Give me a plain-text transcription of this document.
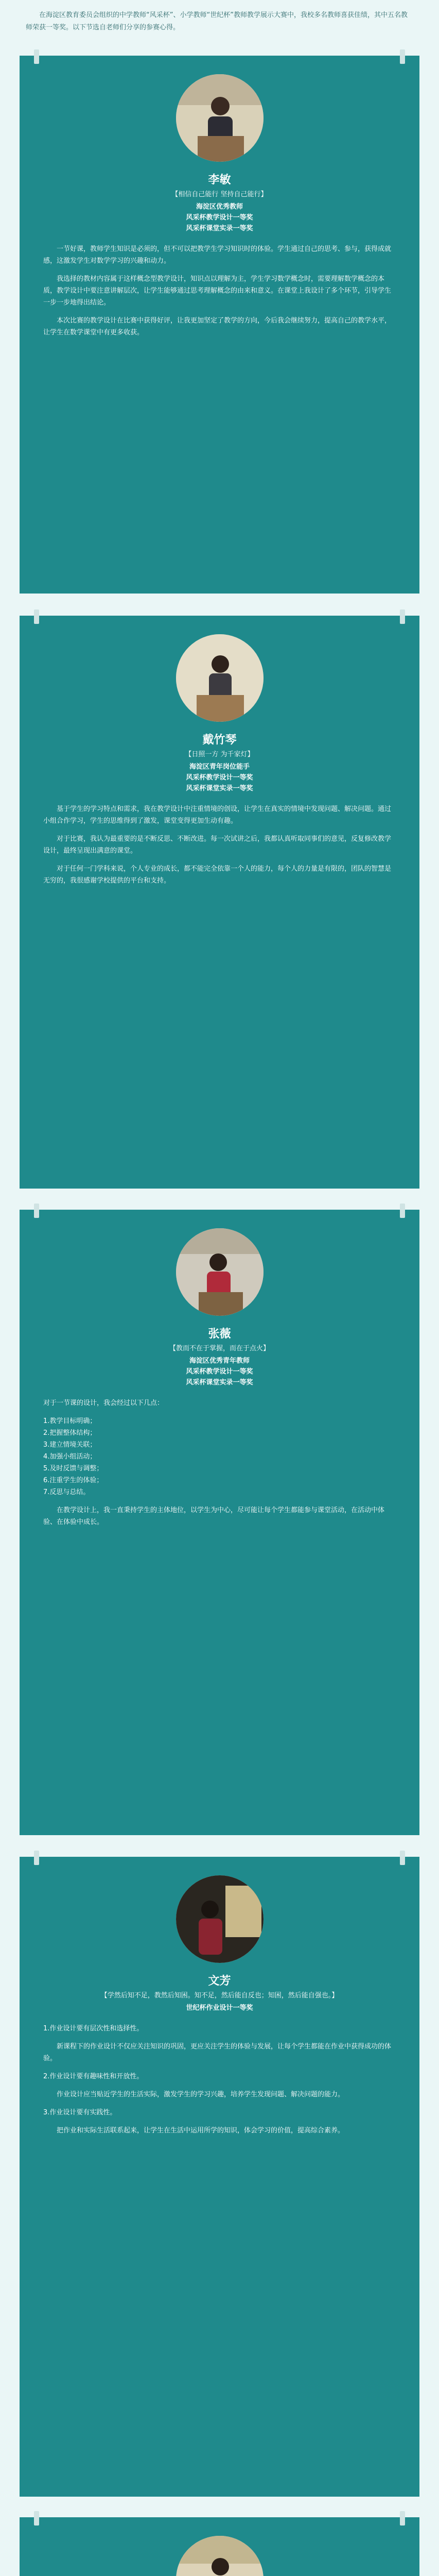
在海淀区教育委员会组织的中学教师“风采杯”、小学教师“世纪杯”教师教学展示大赛中，我校多名教师喜获佳绩，其中五名教师荣获一等奖。以下节选自老师们分享的参赛心得。
李敏
【相信自己能行 坚持自己能行】
海淀区优秀教师
风采杯教学设计一等奖
风采杯课堂实录一等奖

一节好课，教师学生知识是必须的，但不可以把教学生学习知识时的体验。学生通过自己的思考、参与，获得成就感，这激发学生对数学学习的兴趣和动力。

我选择的教材内容属于这样概念型教学设计，知识点以理解为主，学生学习数学概念时，需要理解数学概念的本质，教学设计中要注意讲解层次，让学生能够通过思考理解概念的由来和意义。在课堂上我设计了多个环节，引导学生一步一步地得出结论。

本次比赛的教学设计在比赛中获得好评，让我更加坚定了教学的方向，今后我会继续努力，提高自己的教学水平，让学生在数学课堂中有更多收获。

戴竹琴
【日照一方 为千家灯】
海淀区青年岗位能手
风采杯教学设计一等奖
风采杯课堂实录一等奖

基于学生的学习特点和需求，我在教学设计中注重情境的创设，让学生在真实的情境中发现问题、解决问题。通过小组合作学习，学生的思维得到了激发，课堂变得更加生动有趣。

对于比赛，我认为最重要的是不断反思、不断改进。每一次试讲之后，我都认真听取同事们的意见，反复修改教学设计，最终呈现出满意的课堂。

对于任何一门学科来说，个人专业的成长，都不能完全依靠一个人的能力，每个人的力量是有限的，团队的智慧是无穷的，我很感谢学校提供的平台和支持。

张薇
【教而不在于掌握，而在于点火】
海淀区优秀青年教师
风采杯教学设计一等奖
风采杯课堂实录一等奖

对于一节课的设计，我会经过以下几点：

1.教学目标明确；

2.把握整体结构；

3.建立情境关联；

4.加强小组活动；

5.及时反馈与调整；

6.注重学生的体验；

7.反思与总结。

在教学设计上，我一直秉持学生的主体地位，以学生为中心，尽可能让每个学生都能参与课堂活动，在活动中体验、在体验中成长。

文芳
【学然后知不足，教然后知困。知不足，然后能自反也；知困，然后能自强也。】
世纪杯作业设计一等奖

1.作业设计要有层次性和选择性。

新课程下的作业设计不仅应关注知识的巩固，更应关注学生的体验与发展，让每个学生都能在作业中获得成功的体验。

2.作业设计要有趣味性和开放性。

作业设计应当贴近学生的生活实际，激发学生的学习兴趣，培养学生发现问题、解决问题的能力。

3.作业设计要有实践性。

把作业和实际生活联系起来，让学生在生活中运用所学的知识，体会学习的价值，提高综合素养。
